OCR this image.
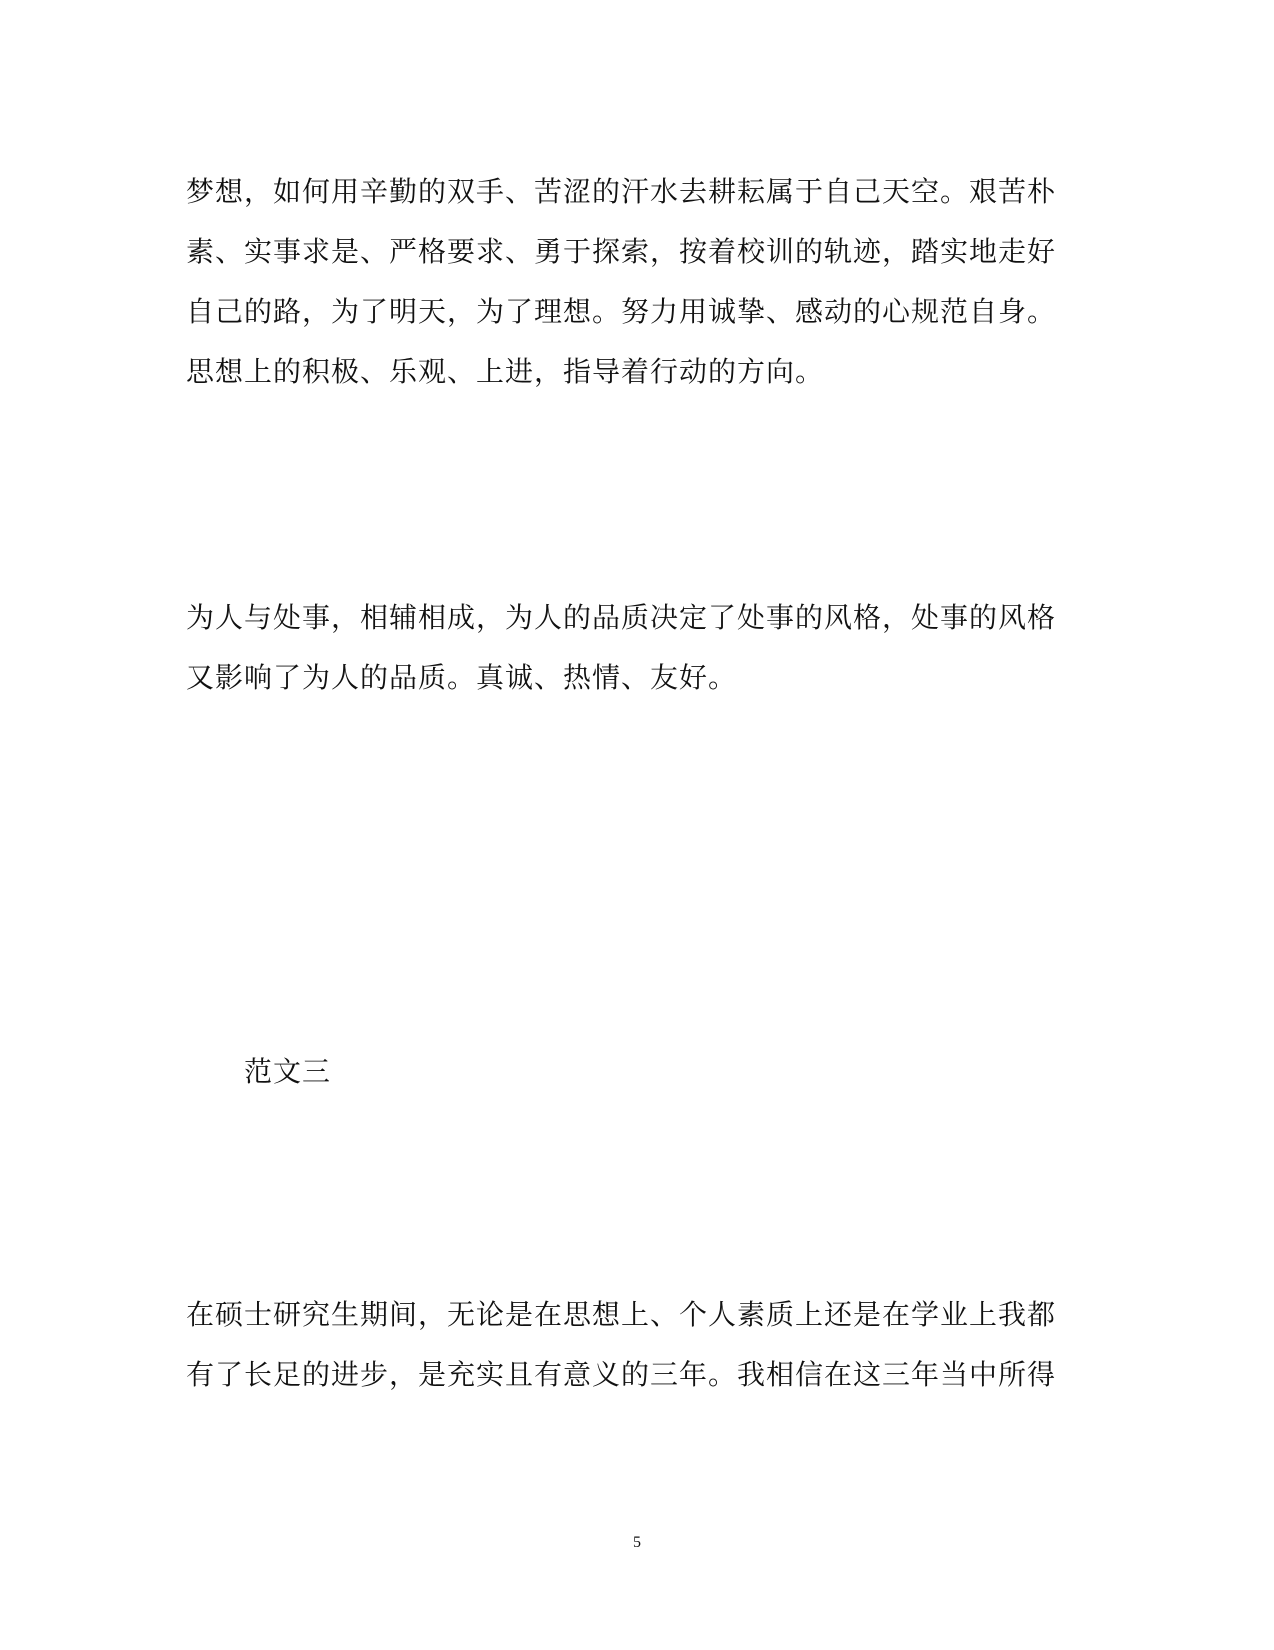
梦想，如何用辛勤的双手、苦涩的汗水去耕耘属于自己天空。艰苦朴
素、实事求是、严格要求、勇于探索，按着校训的轨迹，踏实地走好
自己的路，为了明天，为了理想。努力用诚挚、感动的心规范自身。
思想上的积极、乐观、上进，指导着行动的方向。
为人与处事，相辅相成，为人的品质决定了处事的风格，处事的风格
又影响了为人的品质。真诚、热情、友好。
范文三
在硕士研究生期间，无论是在思想上、个人素质上还是在学业上我都
有了长足的进步，是充实且有意义的三年。我相信在这三年当中所得
5
